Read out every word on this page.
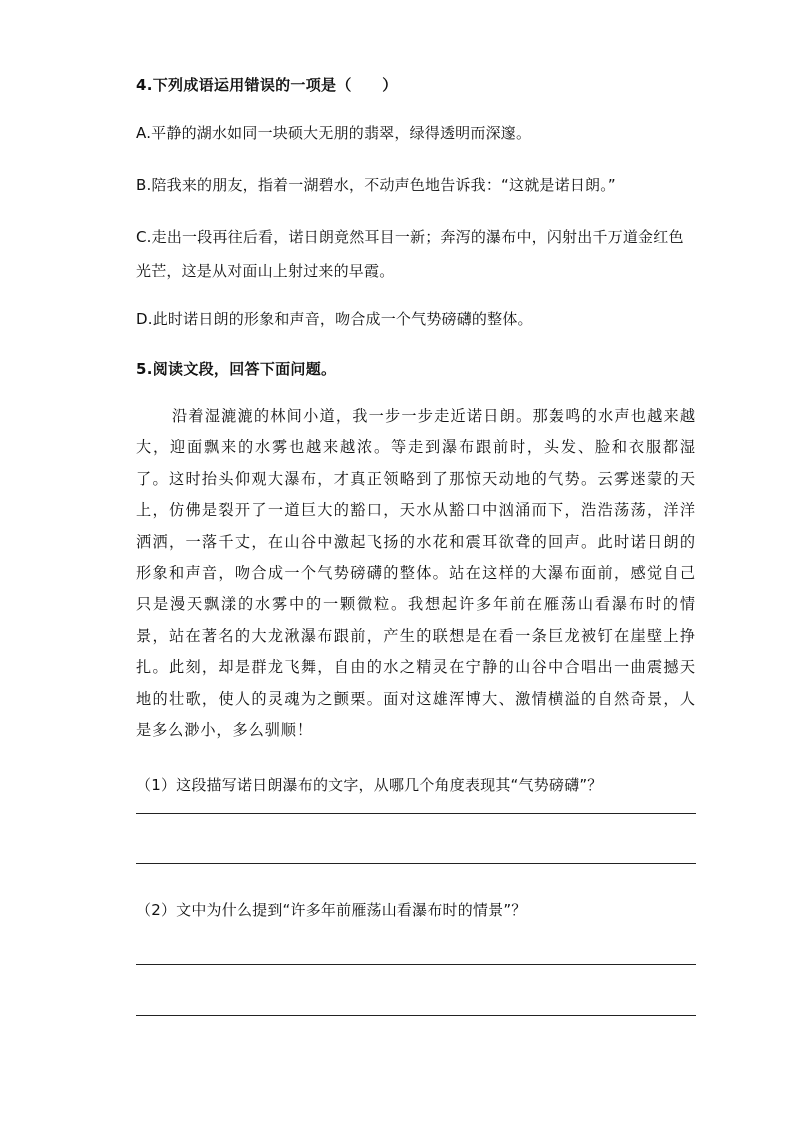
4.下列成语运用错误的一项是（　　）
A.平静的湖水如同一块硕大无朋的翡翠，绿得透明而深邃。
B.陪我来的朋友，指着一湖碧水，不动声色地告诉我：“这就是诺日朗。”
C.走出一段再往后看，诺日朗竟然耳目一新；奔泻的瀑布中，闪射出千万道金红色光芒，这是从对面山上射过来的早霞。
D.此时诺日朗的形象和声音，吻合成一个气势磅礴的整体。
5.阅读文段，回答下面问题。

沿着湿漉漉的林间小道，我一步一步走近诺日朗。那轰鸣的水声也越来越大，迎面飘来的水雾也越来越浓。等走到瀑布跟前时，头发、脸和衣服都湿了。这时抬头仰观大瀑布，才真正领略到了那惊天动地的气势。云雾迷蒙的天上，仿佛是裂开了一道巨大的豁口，天水从豁口中汹涌而下，浩浩荡荡，洋洋洒洒，一落千丈，在山谷中激起飞扬的水花和震耳欲聋的回声。此时诺日朗的形象和声音，吻合成一个气势磅礴的整体。站在这样的大瀑布面前，感觉自己只是漫天飘漾的水雾中的一颗微粒。我想起许多年前在雁荡山看瀑布时的情景，站在著名的大龙湫瀑布跟前，产生的联想是在看一条巨龙被钉在崖壁上挣扎。此刻，却是群龙飞舞，自由的水之精灵在宁静的山谷中合唱出一曲震撼天地的壮歌，使人的灵魂为之颤栗。面对这雄浑博大、激情横溢的自然奇景，人是多么渺小，多么驯顺！

（1）这段描写诺日朗瀑布的文字，从哪几个角度表现其“气势磅礴”？
（2）文中为什么提到“许多年前雁荡山看瀑布时的情景”？
